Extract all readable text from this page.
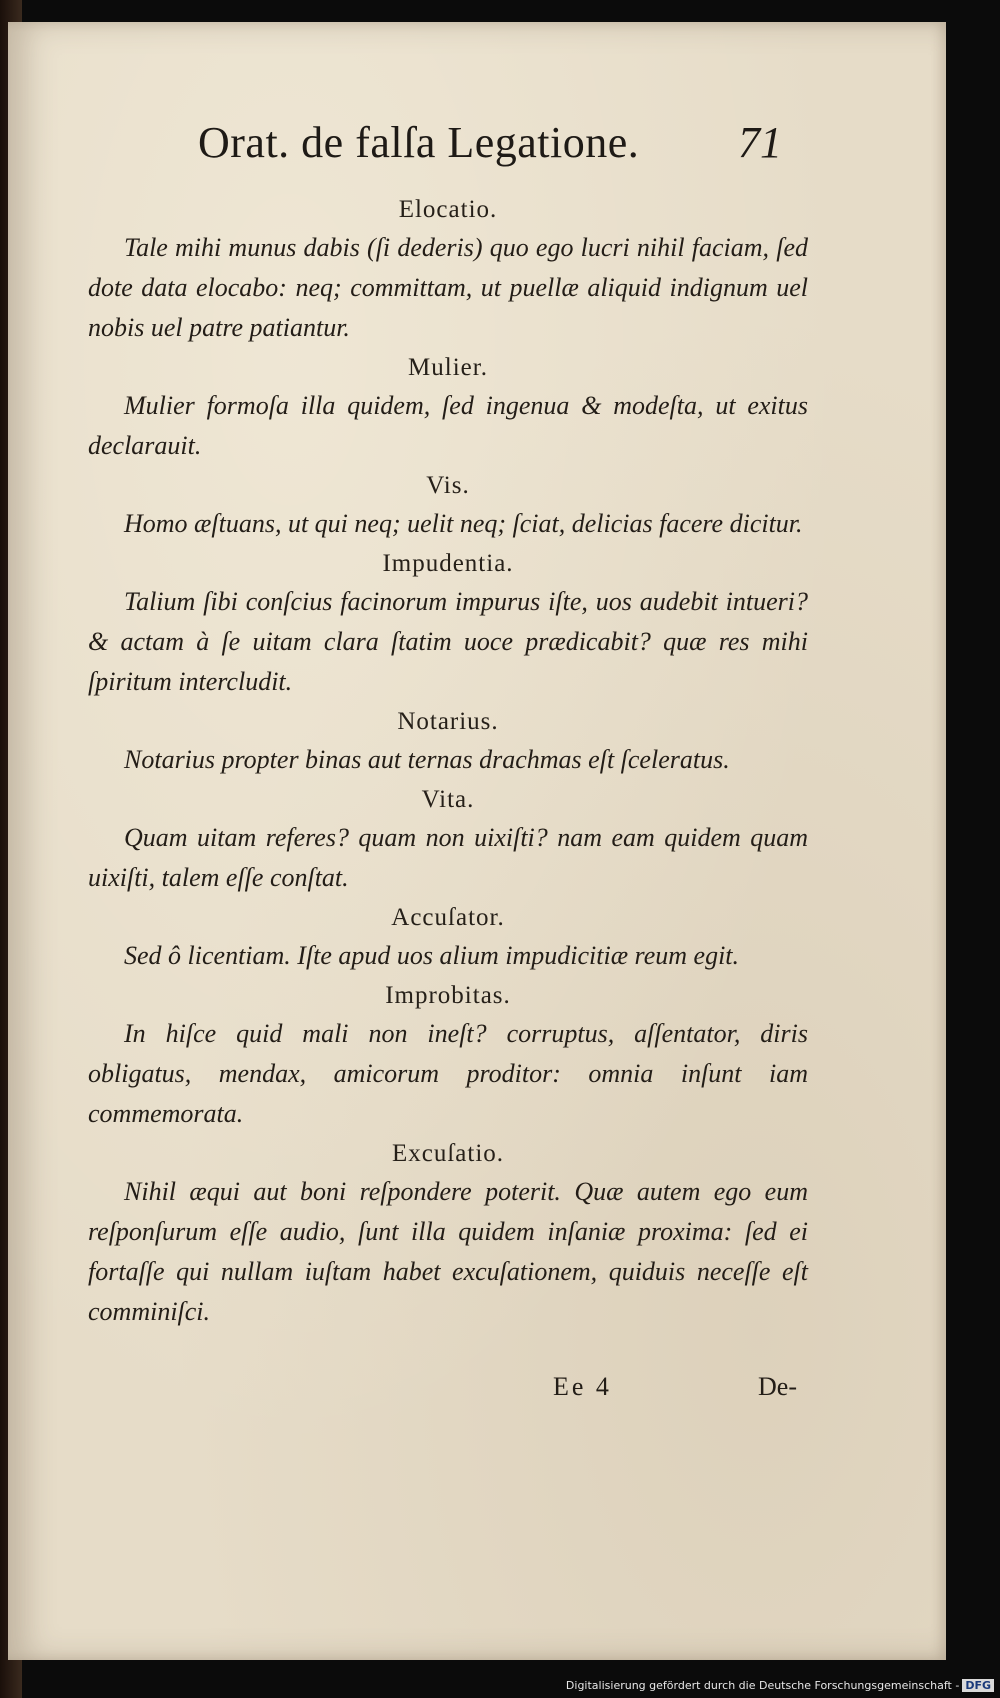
Orat. de falſa Legatione. 71

Elocatio.

Tale mihi munus dabis (ſi dederis) quo ego lucri nihil faciam, ſed dote data elocabo: neq; committam, ut puellæ aliquid indignum uel nobis uel patre patiantur.

Mulier.

Mulier formoſa illa quidem, ſed ingenua & modeſta, ut exitus declarauit.

Vis.

Homo æſtuans, ut qui neq; uelit neq; ſciat, delicias facere dicitur.

Impudentia.

Talium ſibi conſcius facinorum impurus iſte, uos audebit intueri? & actam à ſe uitam clara ſtatim uoce prædicabit? quæ res mihi ſpiritum intercludit.

Notarius.

Notarius propter binas aut ternas drachmas eſt ſceleratus.

Vita.

Quam uitam referes? quam non uixiſti? nam eam quidem quam uixiſti, talem eſſe conſtat.

Accuſator.

Sed ô licentiam. Iſte apud uos alium impudicitiæ reum egit.

Improbitas.

In hiſce quid mali non ineſt? corruptus, aſſentator, diris obligatus, mendax, amicorum proditor: omnia inſunt iam commemorata.

Excuſatio.

Nihil æqui aut boni reſpondere poterit. Quæ autem ego eum reſponſurum eſſe audio, ſunt illa quidem inſaniæ proxima: ſed ei fortaſſe qui nullam iuſtam habet excuſationem, quiduis neceſſe eſt comminiſci.

Ee 4	De-
Digitalisierung gefördert durch die Deutsche Forschungsgemeinschaft - DFG
